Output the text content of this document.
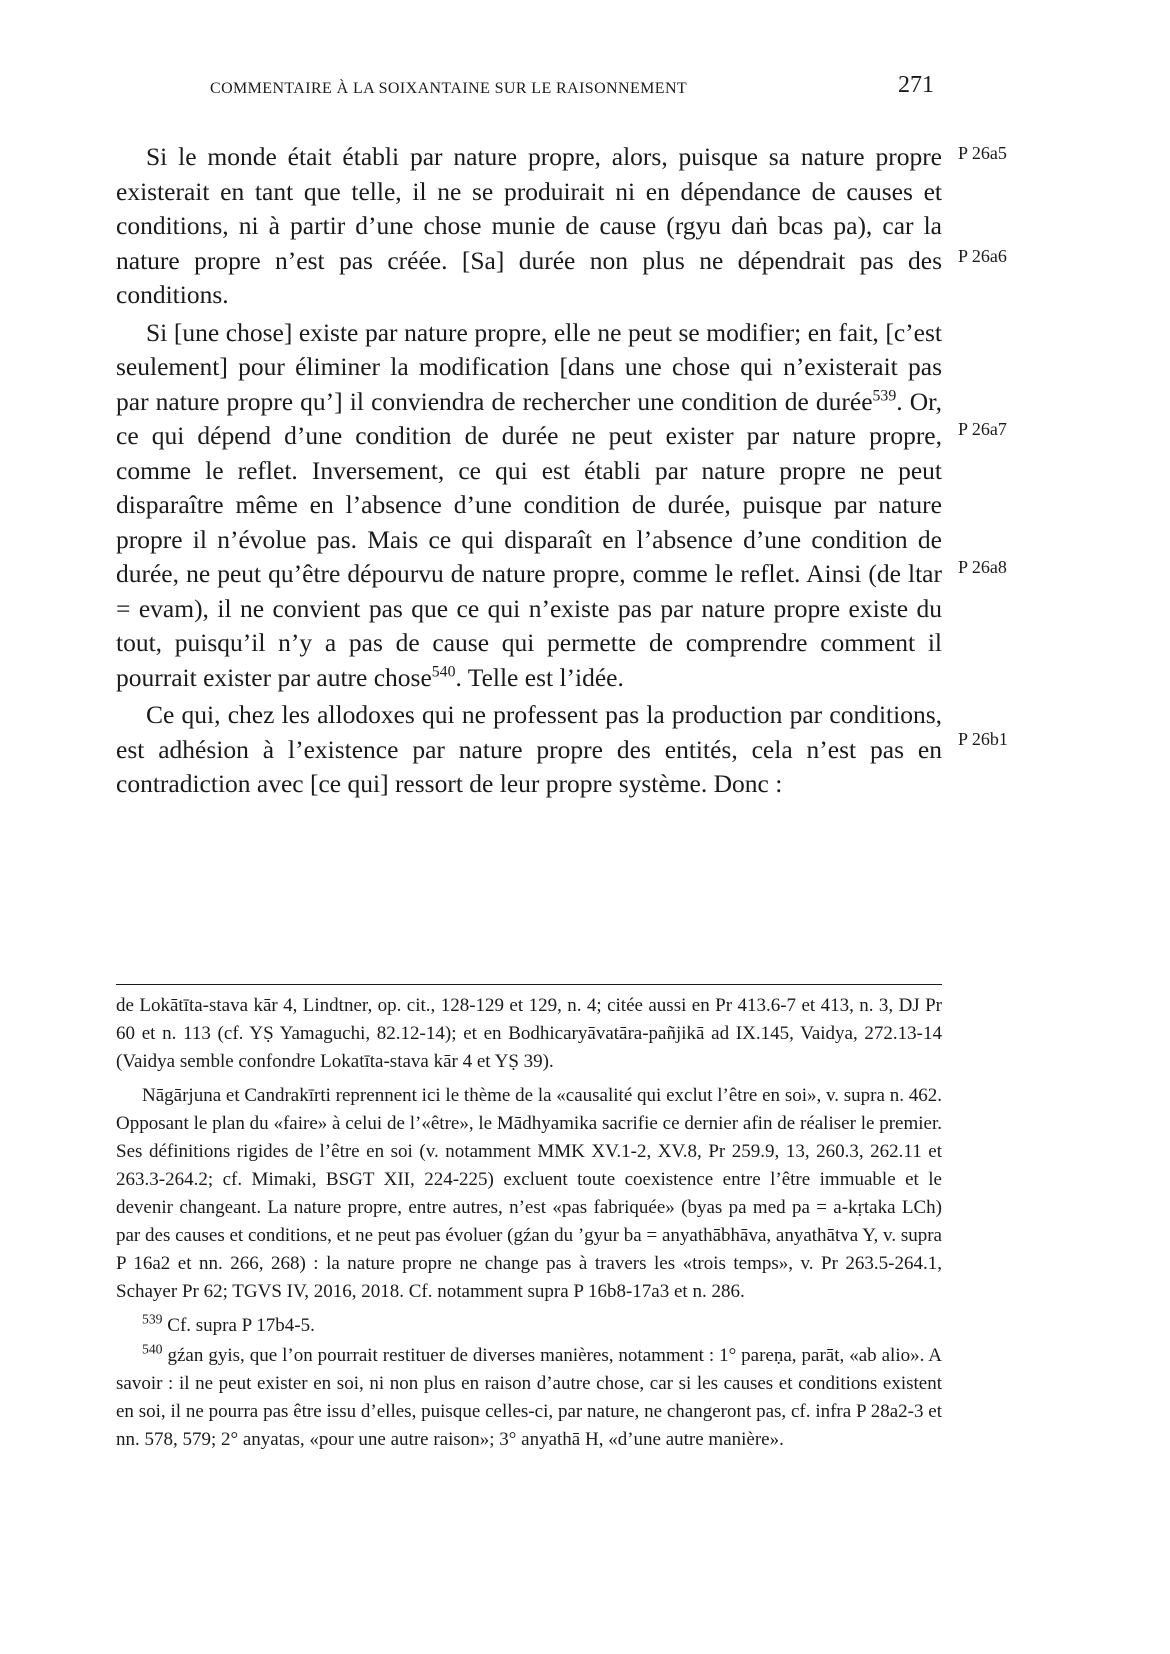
COMMENTAIRE À LA SOIXANTAINE SUR LE RAISONNEMENT	271

Si le monde était établi par nature propre, alors, puisque sa nature propre existerait en tant que telle, il ne se produirait ni en dépendance de causes et conditions, ni à partir d’une chose munie de cause (rgyu daṅ bcas pa), car la nature propre n’est pas créée. [Sa] durée non plus ne dépendrait pas des conditions.

Si [une chose] existe par nature propre, elle ne peut se modifier; en fait, [c’est seulement] pour éliminer la modification [dans une chose qui n’existerait pas par nature propre qu’] il conviendra de rechercher une condition de durée$^{539}$. Or, ce qui dépend d’une condition de durée ne peut exister par nature propre, comme le reflet. Inversement, ce qui est établi par nature propre ne peut disparaître même en l’absence d’une condition de durée, puisque par nature propre il n’évolue pas. Mais ce qui disparaît en l’absence d’une condition de durée, ne peut qu’être dépourvu de nature propre, comme le reflet. Ainsi (de ltar = evam), il ne convient pas que ce qui n’existe pas par nature propre existe du tout, puisqu’il n’y a pas de cause qui permette de comprendre comment il pourrait exister par autre chose$^{540}$. Telle est l’idée.

Ce qui, chez les allodoxes qui ne professent pas la production par conditions, est adhésion à l’existence par nature propre des entités, cela n’est pas en contradiction avec [ce qui] ressort de leur propre système. Donc :

P 26a5
P 26a6
P 26a7
P 26a8
P 26b1

de Lokātīta-stava kār 4, Lindtner, op. cit., 128-129 et 129, n. 4; citée aussi en Pr 413.6-7 et 413, n. 3, DJ Pr 60 et n. 113 (cf. YṢ Yamaguchi, 82.12-14); et en Bodhicaryāvatāra-pañjikā ad IX.145, Vaidya, 272.13-14 (Vaidya semble confondre Lokatīta-stava kār 4 et YṢ 39).

Nāgārjuna et Candrakīrti reprennent ici le thème de la «causalité qui exclut l’être en soi», v. supra n. 462. Opposant le plan du «faire» à celui de l’«être», le Mādhyamika sacrifie ce dernier afin de réaliser le premier. Ses définitions rigides de l’être en soi (v. notamment MMK XV.1-2, XV.8, Pr 259.9, 13, 260.3, 262.11 et 263.3-264.2; cf. Mimaki, BSGT XII, 224-225) excluent toute coexistence entre l’être immuable et le devenir changeant. La nature propre, entre autres, n’est «pas fabriquée» (byas pa med pa = a-kṛtaka LCh) par des causes et conditions, et ne peut pas évoluer (gźan du ’gyur ba = anyathābhāva, anyathātva Y, v. supra P 16a2 et nn. 266, 268) : la nature propre ne change pas à travers les «trois temps», v. Pr 263.5-264.1, Schayer Pr 62; TGVS IV, 2016, 2018. Cf. notamment supra P 16b8-17a3 et n. 286.

$^{539}$ Cf. supra P 17b4-5.

$^{540}$ gźan gyis, que l’on pourrait restituer de diverses manières, notamment : 1° pareṇa, parāt, «ab alio». A savoir : il ne peut exister en soi, ni non plus en raison d’autre chose, car si les causes et conditions existent en soi, il ne pourra pas être issu d’elles, puisque celles-ci, par nature, ne changeront pas, cf. infra P 28a2-3 et nn. 578, 579; 2° anyatas, «pour une autre raison»; 3° anyathā H, «d’une autre manière».
